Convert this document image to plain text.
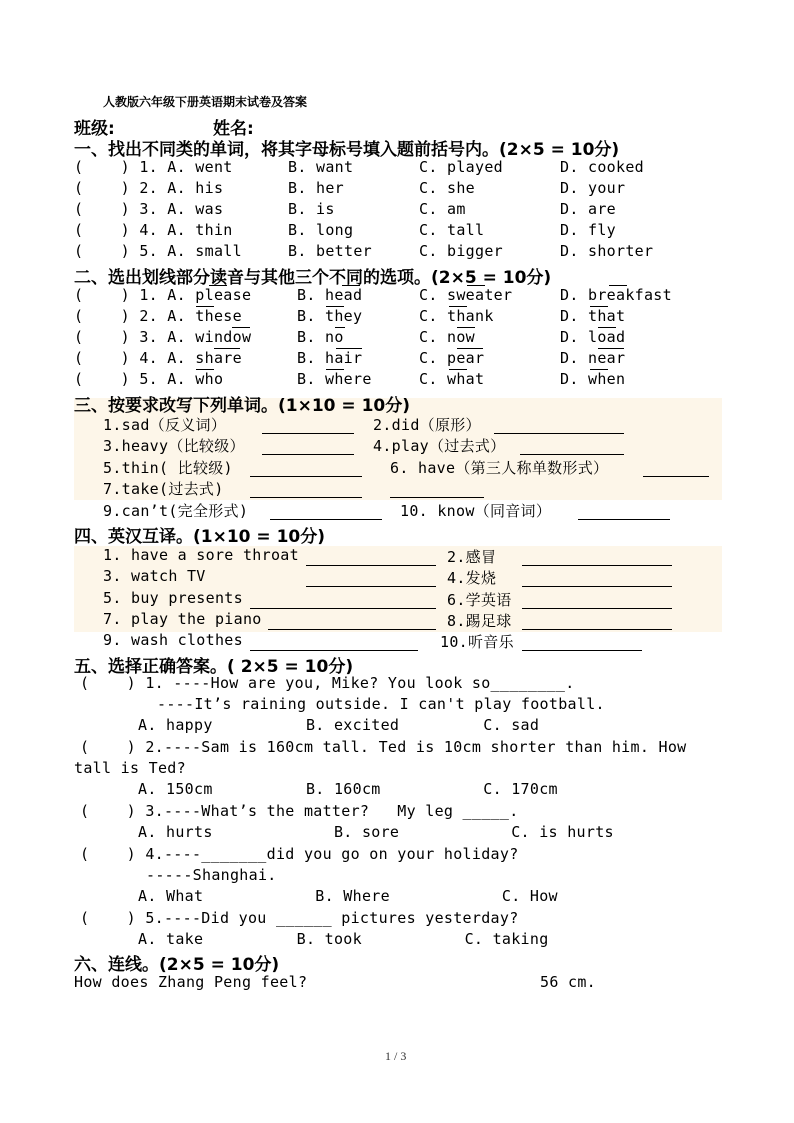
人教版六年级下册英语期末试卷及答案
班级:	姓名:
一、找出不同类的单词，将其字母标号填入题前括号内。(2×5 = 10分)
(    ) 1. A. went	B. want	C. played	D. cooked
(    ) 2. A. his	B. her	C. she	D. your
(    ) 3. A. was	B. is	C. am	D. are
(    ) 4. A. thin	B. long	C. tall	D. fly
(    ) 5. A. small	B. better	C. bigger	D. shorter
二、选出划线部分读音与其他三个不同的选项。(2×5 = 10分)
(    ) 1. A. please	B. head	C. sweater	D. breakfast
(    ) 2. A. these	B. they	C. thank	D. that
(    ) 3. A. window	B. no	C. now	D. load
(    ) 4. A. share	B. hair	C. pear	D. near
(    ) 5. A. who	B. where	C. what	D. when
三、按要求改写下列单词。(1×10 = 10分)
1.sad（反义词）	2.did（原形）
3.heavy（比较级）	4.play（过去式）
5.thin( 比较级)	6. have（第三人称单数形式）
7.take(过去式)
9.can’t(完全形式)	10. know（同音词）
四、英汉互译。(1×10 = 10分)
1. have a sore throat	2.感冒
3. watch TV	4.发烧
5. buy presents	6.学英语
7. play the piano	8.踢足球
9. wash clothes	10.听音乐
五、选择正确答案。( 2×5 = 10分)
(    ) 1. ----How are you, Mike? You look so________.
----It’s raining outside. I can't play football.
A. happy          B. excited         C. sad
(    ) 2.----Sam is 160cm tall. Ted is 10cm shorter than him. How
tall is Ted?
A. 150cm          B. 160cm           C. 170cm
(    ) 3.----What’s the matter?   My leg _____.
A. hurts             B. sore            C. is hurts
(    ) 4.----_______did you go on your holiday?
-----Shanghai.
A. What            B. Where            C. How
(    ) 5.----Did you ______ pictures yesterday?
A. take          B. took           C. taking
六、连线。(2×5 = 10分)
How does Zhang Peng feel?	56 cm.
1 / 3
